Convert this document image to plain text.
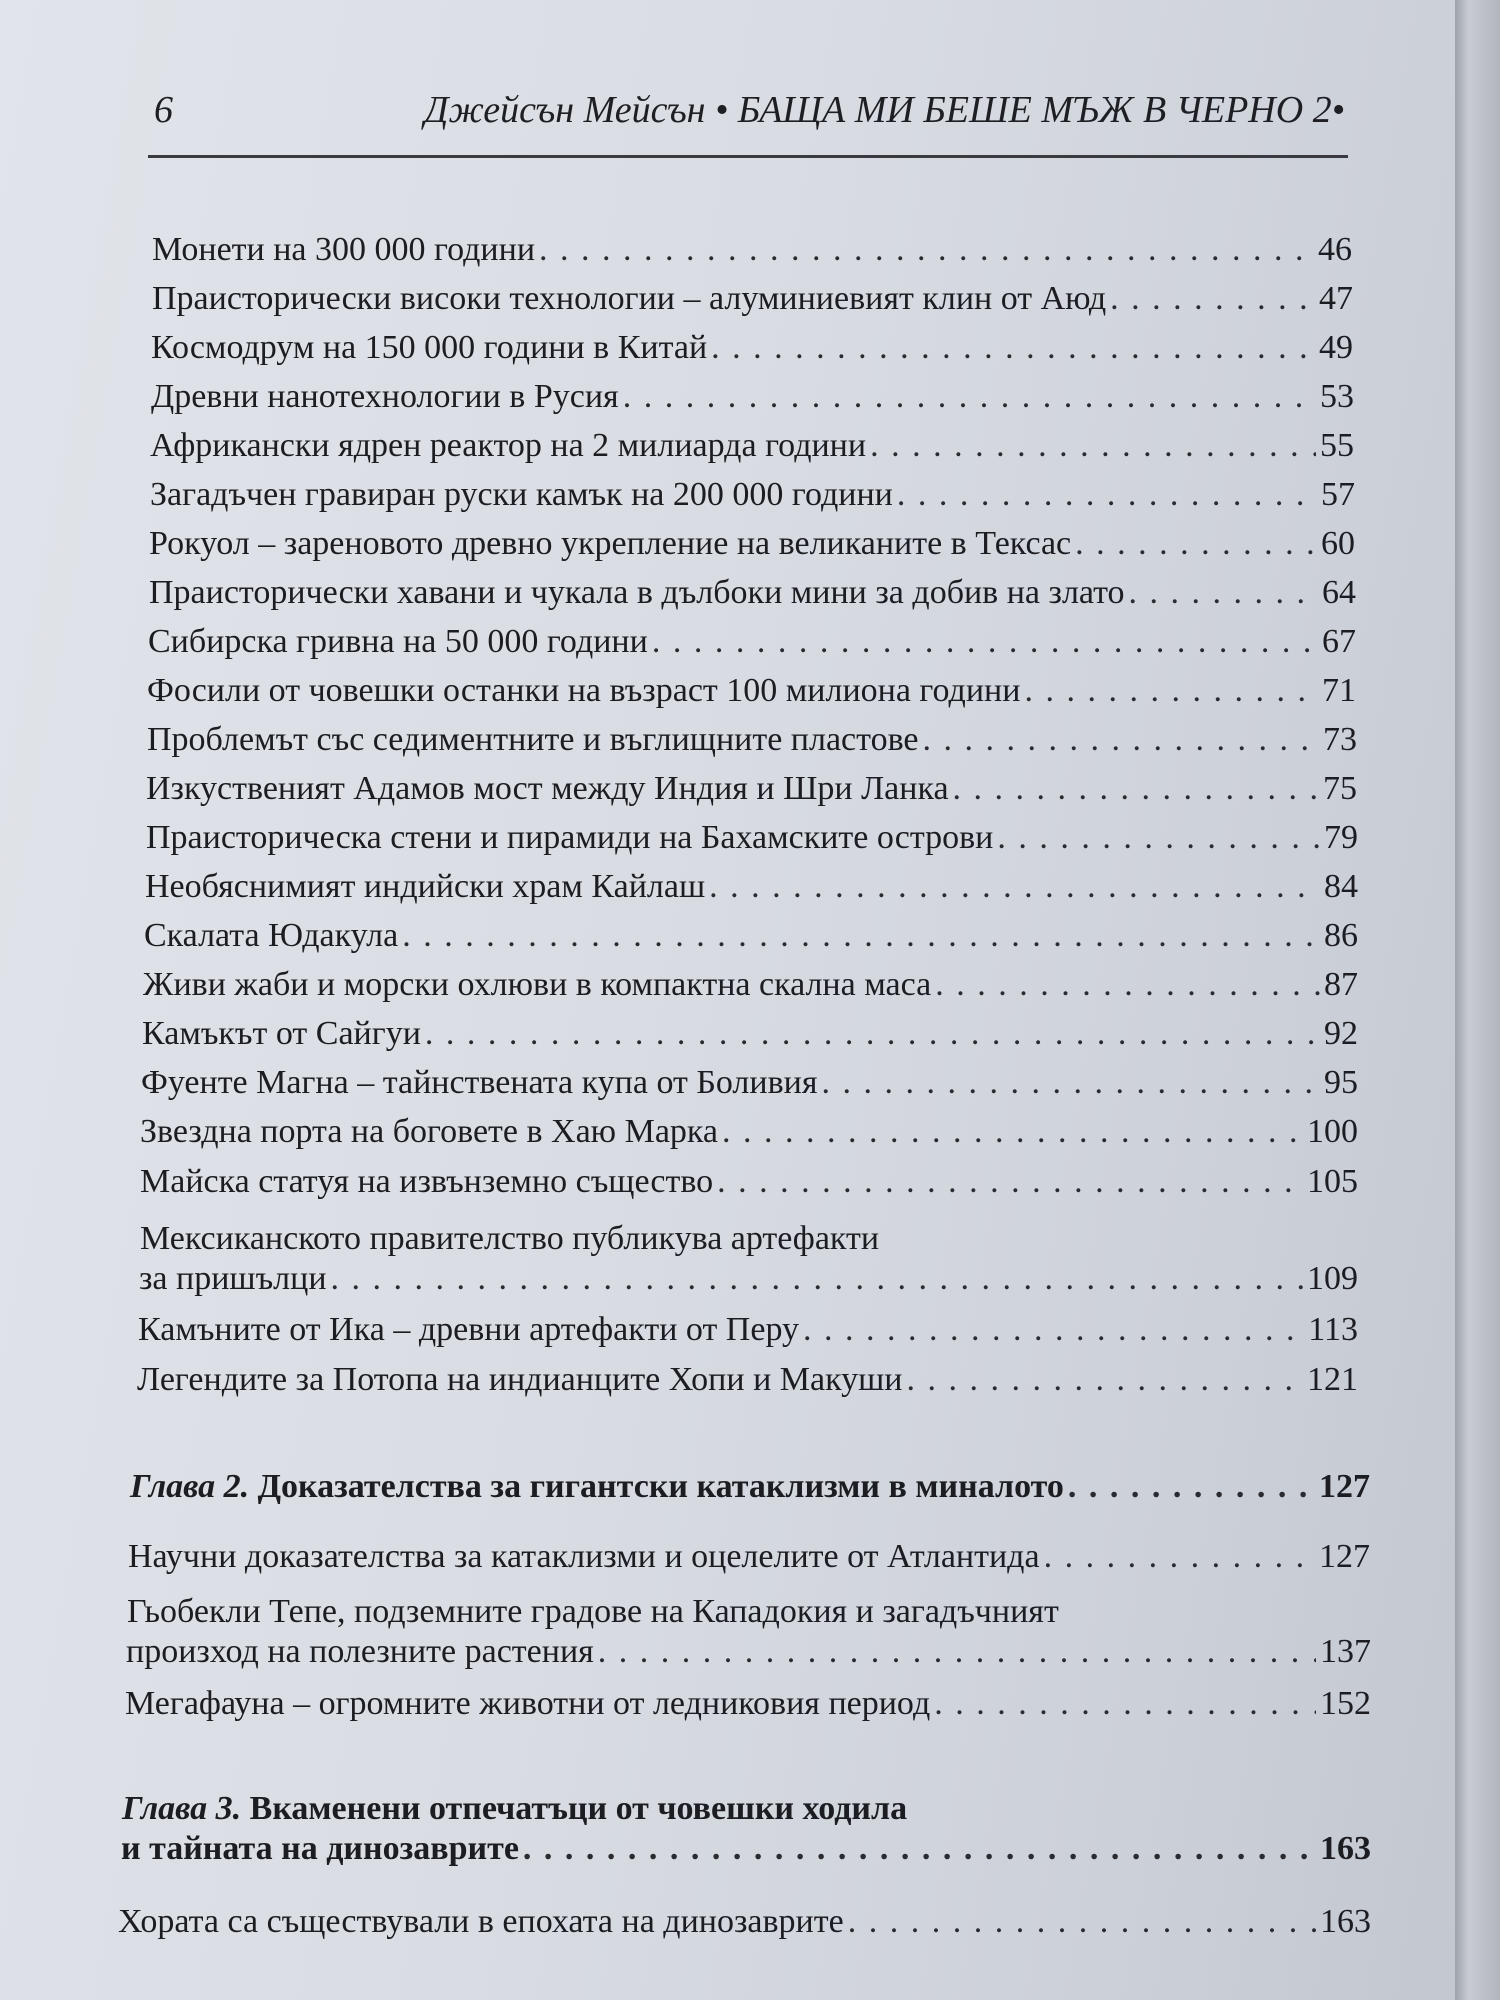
6	Джейсън Мейсън • БАЩА МИ БЕШЕ МЪЖ В ЧЕРНО 2•
Монети на 300 000 години . . .	46
Праисторически високи технологии – алуминиевият клин от Аюд . . .	47
Космодрум на 150 000 години в Китай . . .	49
Древни нанотехнологии в Русия . . .	53
Африкански ядрен реактор на 2 милиарда години . . .	55
Загадъчен гравиран руски камък на 200 000 години . . .	57
Рокуол – зареновото древно укрепление на великаните в Тексас . . .	60
Праисторически хавани и чукала в дълбоки мини за добив на злато . . .	64
Сибирска гривна на 50 000 години . . .	67
Фосили от човешки останки на възраст 100 милиона години . . .	71
Проблемът със седиментните и въглищните пластове . . .	73
Изкуственият Адамов мост между Индия и Шри Ланка . . .	75
Праисторическа стени и пирамиди на Бахамските острови . . .	79
Необяснимият индийски храм Кайлаш . . .	84
Скалата Юдакула . . .	86
Живи жаби и морски охлюви в компактна скална маса . . .	87
Камъкът от Сайгуи . . .	92
Фуенте Магна – тайнствената купа от Боливия . . .	95
Звездна порта на боговете в Хаю Марка . . .	100
Майска статуя на извънземно същество . . .	105
Мексиканското правителство публикува артефакти
за пришълци . . .	109
Камъните от Ика – древни артефакти от Перу . . .	113
Легендите за Потопа на индианците Хопи и Макуши . . .	121
Глава 2. Доказателства за гигантски катаклизми в миналото . . .	127
Научни доказателства за катаклизми и оцелелите от Атлантида . . .	127
Гьобекли Тепе, подземните градове на Кападокия и загадъчният
произход на полезните растения . . .	137
Мегафауна – огромните животни от ледниковия период . . .	152
Глава 3. Вкаменени отпечатъци от човешки ходила
и тайната на динозаврите . . .	163
Хората са съществували в епохата на динозаврите . . .	163
